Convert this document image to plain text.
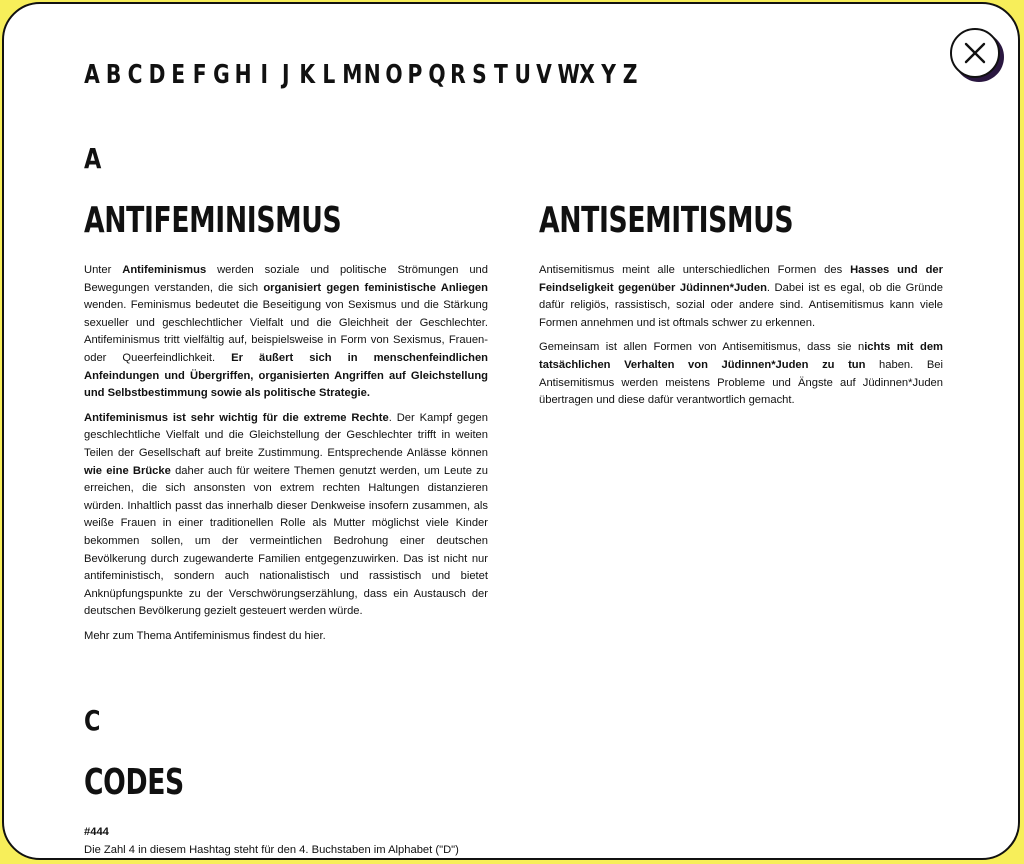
A B C D E F G H I J K L M N O P Q R S T U V W X Y Z
A
ANTIFEMINISMUS

Unter Antifeminismus werden soziale und politische Strömungen und Bewegungen verstanden, die sich organisiert gegen feministische Anliegen wenden. Feminismus bedeutet die Beseitigung von Sexismus und die Stärkung sexueller und geschlechtlicher Vielfalt und die Gleichheit der Geschlechter. Antifeminismus tritt vielfältig auf, beispielsweise in Form von Sexismus, Frauen- oder Queerfeindlichkeit. Er äußert sich in menschenfeindlichen Anfeindungen und Übergriffen, organisierten Angriffen auf Gleichstellung und Selbstbestimmung sowie als politische Strategie.

Antifeminismus ist sehr wichtig für die extreme Rechte. Der Kampf gegen geschlechtliche Vielfalt und die Gleichstellung der Geschlechter trifft in weiten Teilen der Gesellschaft auf breite Zustimmung. Entsprechende Anlässe können wie eine Brücke daher auch für weitere Themen genutzt werden, um Leute zu erreichen, die sich ansonsten von extrem rechten Haltungen distanzieren würden. Inhaltlich passt das innerhalb dieser Denkweise insofern zusammen, als weiße Frauen in einer traditionellen Rolle als Mutter möglichst viele Kinder bekommen sollen, um der vermeintlichen Bedrohung einer deutschen Bevölkerung durch zugewanderte Familien entgegenzuwirken. Das ist nicht nur antifeministisch, sondern auch nationalistisch und rassistisch und bietet Anknüpfungspunkte zu der Verschwörungserzählung, dass ein Austausch der deutschen Bevölkerung gezielt gesteuert werden würde.

Mehr zum Thema Antifeminismus findest du hier.

ANTISEMITISMUS

Antisemitismus meint alle unterschiedlichen Formen des Hasses und der Feindseligkeit gegenüber Jüdinnen*Juden. Dabei ist es egal, ob die Gründe dafür religiös, rassistisch, sozial oder andere sind. Antisemitismus kann viele Formen annehmen und ist oftmals schwer zu erkennen.

Gemeinsam ist allen Formen von Antisemitismus, dass sie nichts mit dem tatsächlichen Verhalten von Jüdinnen*Juden zu tun haben. Bei Antisemitismus werden meistens Probleme und Ängste auf Jüdinnen*Juden übertragen und diese dafür verantwortlich gemacht.

C
CODES

#444

Die Zahl 4 in diesem Hashtag steht für den 4. Buchstaben im Alphabet ("D")
